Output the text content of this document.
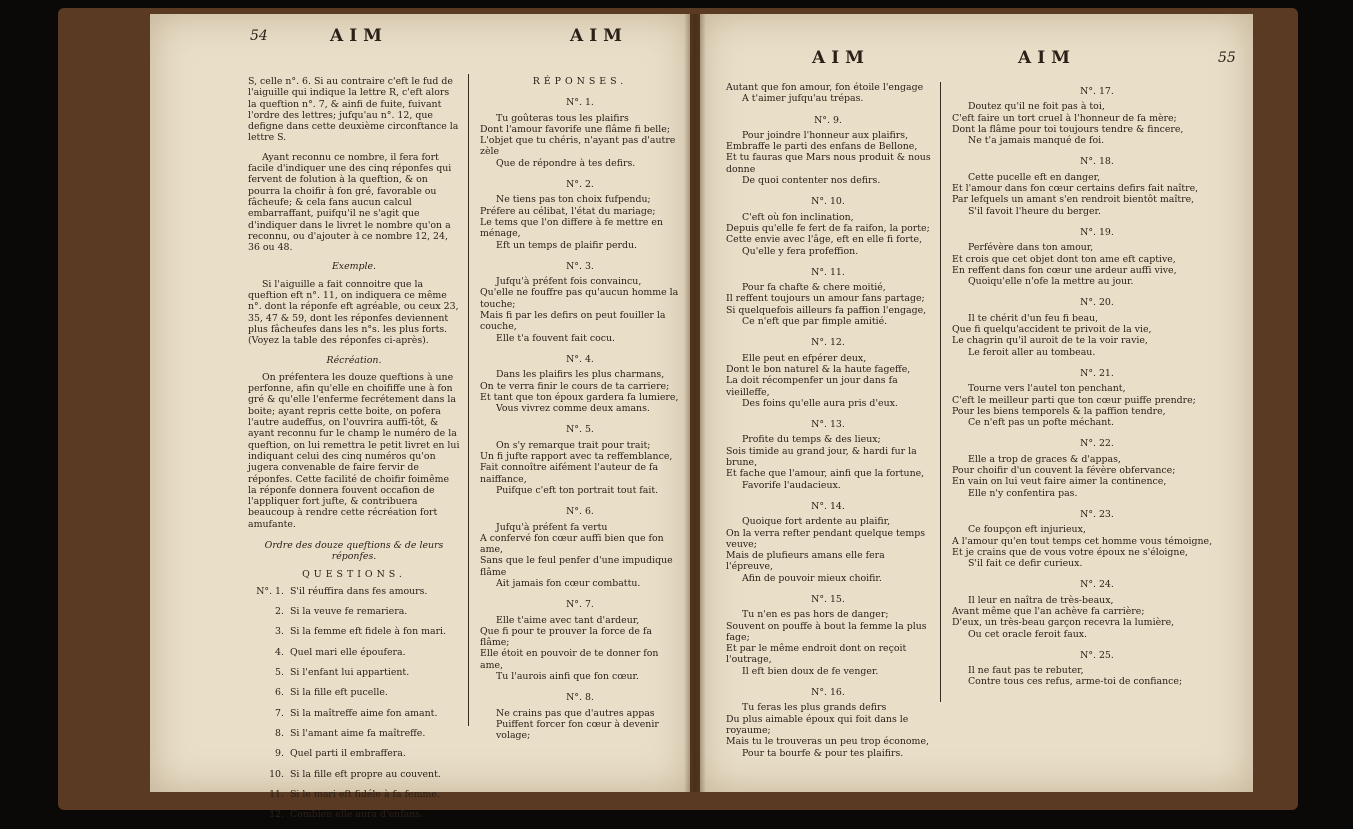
54	AIM	AIM

S, celle n°. 6. Si au contraire c'eft le fud de l'aiguille qui indique la lettre R, c'eft alors la queftion n°. 7, & ainfi de fuite, fuivant l'ordre des lettres; jufqu'au n°. 12, que defigne dans cette deuxième circonftance la lettre S.

Ayant reconnu ce nombre, il fera fort facile d'indiquer une des cinq réponfes qui fervent de folution à la queftion, & on pourra la choifir à fon gré, favorable ou fâcheufe; & cela fans aucun calcul embarraffant, puifqu'il ne s'agit que d'indiquer dans le livret le nombre qu'on a reconnu, ou d'ajouter à ce nombre 12, 24, 36 ou 48.

Exemple.

Si l'aiguille a fait connoitre que la queftion eft n°. 11, on indiquera ce même n°. dont la réponfe eft agréable, ou ceux 23, 35, 47 & 59, dont les réponfes deviennent plus fâcheufes dans les n°s. les plus forts. (Voyez la table des réponfes ci-après).

Récréation.

On préfentera les douze queftions à une perfonne, afin qu'elle en choififfe une à fon gré & qu'elle l'enferme fecrétement dans la boite; ayant repris cette boite, on pofera l'autre audeffus, on l'ouvrira auffi-tôt, & ayant reconnu fur le champ le numéro de la queftion, on lui remettra le petit livret en lui indiquant celui des cinq numéros qu'on jugera convenable de faire fervir de réponfes. Cette facilité de choifir foimême la réponfe donnera fouvent occafion de l'appliquer fort jufte, & contribuera beaucoup à rendre cette récréation fort amufante.

Ordre des douze queftions & de leurs réponfes.

QUESTIONS.

N°. 1. S'il réuffira dans fes amours.
2. Si la veuve fe remariera.
3. Si la femme eft fidele à fon mari.
4. Quel mari elle époufera.
5. Si l'enfant lui appartient.
6. Si la fille eft pucelle.
7. Si la maîtreffe aime fon amant.
8. Si l'amant aime fa maîtreffe.
9. Quel parti il embraffera.
10. Si la fille eft propre au couvent.
11. Si le mari eft fidéle à fa femme.
12. Combien elle aura d'enfans.

RÉPONSES.

N°. 1.

Tu goûteras tous les plaifirs

Dont l'amour favorife une flâme fi belle;

L'objet que tu chéris, n'ayant pas d'autre zèle

Que de répondre à tes defirs.

N°. 2.

Ne tiens pas ton choix fufpendu;

Préfere au célibat, l'état du mariage;

Le tems que l'on differe à fe mettre en ménage,

Eft un temps de plaifir perdu.

N°. 3.

Jufqu'à préfent fois convaincu,

Qu'elle ne fouffre pas qu'aucun homme la touche;

Mais fi par les defirs on peut fouiller la couche,

Elle t'a fouvent fait cocu.

N°. 4.

Dans les plaifirs les plus charmans,

On te verra finir le cours de ta carriere;

Et tant que ton époux gardera fa lumiere,

Vous vivrez comme deux amans.

N°. 5.

On s'y remarque trait pour trait;

Un fi jufte rapport avec ta reffemblance,

Fait connoître aifément l'auteur de fa naiffance,

Puifque c'eft ton portrait tout fait.

N°. 6.

Jufqu'à préfent fa vertu

A confervé fon cœur auffi bien que fon ame,

Sans que le feul penfer d'une impudique flâme

Ait jamais fon cœur combattu.

N°. 7.

Elle t'aime avec tant d'ardeur,

Que fi pour te prouver la force de fa flâme;

Elle étoit en pouvoir de te donner fon ame,

Tu l'aurois ainfi que fon cœur.

N°. 8.

Ne crains pas que d'autres appas

Puiffent forcer fon cœur à devenir volage;

AIM	AIM	55

Autant que fon amour, fon étoile l'engage

A t'aimer jufqu'au trépas.

N°. 9.

Pour joindre l'honneur aux plaifirs,

Embraffe le parti des enfans de Bellone,

Et tu fauras que Mars nous produit & nous donne

De quoi contenter nos defirs.

N°. 10.

C'eft où fon inclination,

Depuis qu'elle fe fert de fa raifon, la porte;

Cette envie avec l'âge, eft en elle fi forte,

Qu'elle y fera profeffion.

N°. 11.

Pour fa chafte & chere moitié,

Il reffent toujours un amour fans partage;

Si quelquefois ailleurs fa paffion l'engage,

Ce n'eft que par fimple amitié.

N°. 12.

Elle peut en efpérer deux,

Dont le bon naturel & la haute fageffe,

La doit récompenfer un jour dans fa vieilleffe,

Des foins qu'elle aura pris d'eux.

N°. 13.

Profite du temps & des lieux;

Sois timide au grand jour, & hardi fur la brune,

Et fache que l'amour, ainfi que la fortune,

Favorife l'audacieux.

N°. 14.

Quoique fort ardente au plaifir,

On la verra refter pendant quelque temps veuve;

Mais de plufieurs amans elle fera l'épreuve,

Afin de pouvoir mieux choifir.

N°. 15.

Tu n'en es pas hors de danger;

Souvent on pouffe à bout la femme la plus fage;

Et par le même endroit dont on reçoit l'outrage,

Il eft bien doux de fe venger.

N°. 16.

Tu feras les plus grands defirs

Du plus aimable époux qui foit dans le royaume;

Mais tu le trouveras un peu trop économe,

Pour ta bourfe & pour tes plaifirs.

N°. 17.

Doutez qu'il ne foit pas à toi,

C'eft faire un tort cruel à l'honneur de fa mère;

Dont la flâme pour toi toujours tendre & fincere,

Ne t'a jamais manqué de foi.

N°. 18.

Cette pucelle eft en danger,

Et l'amour dans fon cœur certains defirs fait naître,

Par lefquels un amant s'en rendroit bientôt maître,

S'il favoit l'heure du berger.

N°. 19.

Perfévère dans ton amour,

Et crois que cet objet dont ton ame eft captive,

En reffent dans fon cœur une ardeur auffi vive,

Quoiqu'elle n'ofe la mettre au jour.

N°. 20.

Il te chérit d'un feu fi beau,

Que fi quelqu'accident te privoit de la vie,

Le chagrin qu'il auroit de te la voir ravie,

Le feroit aller au tombeau.

N°. 21.

Tourne vers l'autel ton penchant,

C'eft le meilleur parti que ton cœur puiffe prendre;

Pour les biens temporels & la paffion tendre,

Ce n'eft pas un pofte méchant.

N°. 22.

Elle a trop de graces & d'appas,

Pour choifir d'un couvent la févère obfervance;

En vain on lui veut faire aimer la continence,

Elle n'y confentira pas.

N°. 23.

Ce foupçon eft injurieux,

A l'amour qu'en tout temps cet homme vous témoigne,

Et je crains que de vous votre époux ne s'éloigne,

S'il fait ce defir curieux.

N°. 24.

Il leur en naîtra de très-beaux,

Avant même que l'an achève fa carrière;

D'eux, un très-beau garçon recevra la lumière,

Ou cet oracle feroit faux.

N°. 25.

Il ne faut pas te rebuter,

Contre tous ces refus, arme-toi de confiance;
